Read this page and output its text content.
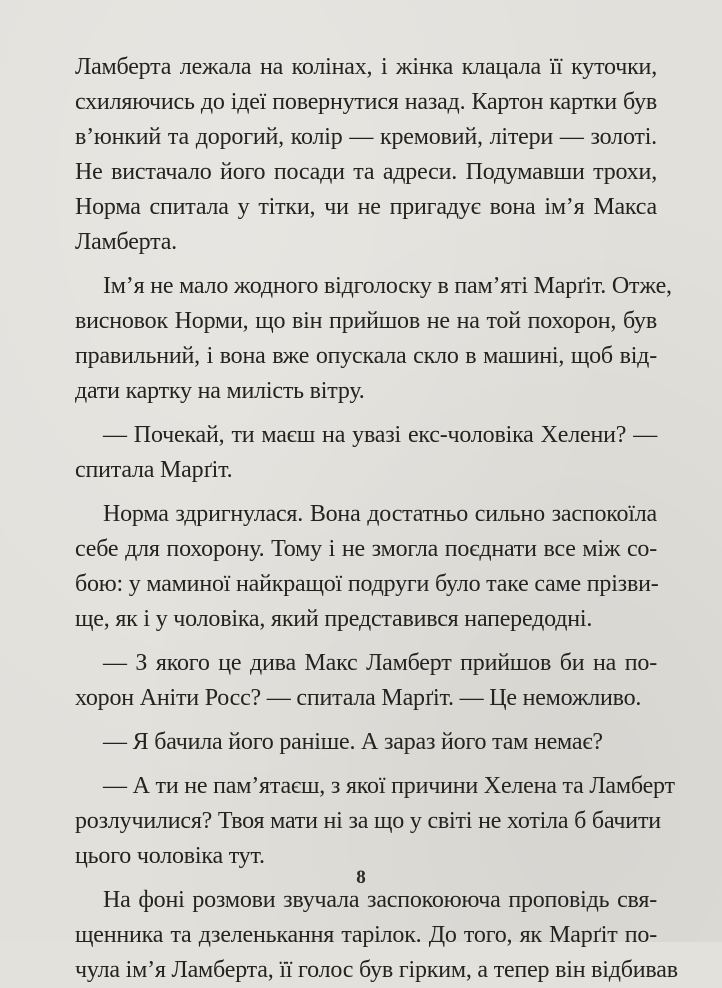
Ламберта лежала на колінах, і жінка клацала її куточки,
схиляючись до ідеї повернутися назад. Картон картки був
в’юнкий та дорогий, колір — кремовий, літери — золоті.
Не вистачало його посади та адреси. Подумавши трохи,
Норма спитала у тітки, чи не пригадує вона ім’я Макса
Ламберта.
Ім’я не мало жодного відголоску в пам’яті Марґіт. Отже,
висновок Норми, що він прийшов не на той похорон, був
правильний, і вона вже опускала скло в машині, щоб від-
дати картку на милість вітру.
— Почекай, ти маєш на увазі екс-чоловіка Хелени? —
спитала Марґіт.
Норма здригнулася. Вона достатньо сильно заспокоїла
себе для похорону. Тому і не змогла поєднати все між со-
бою: у маминої найкращої подруги було таке саме прізви-
ще, як і у чоловіка, який представився напередодні.
— З якого це дива Макс Ламберт прийшов би на по-
хорон Аніти Росс? — спитала Марґіт. — Це неможливо.
— Я бачила його раніше. А зараз його там немає?
— А ти не пам’ятаєш, з якої причини Хелена та Ламберт
розлучилися? Твоя мати ні за що у світі не хотіла б бачити
цього чоловіка тут.
На фоні розмови звучала заспокоююча проповідь свя-
щенника та дзеленькання тарілок. До того, як Марґіт по-
чула ім’я Ламберта, її голос був гірким, а тепер він відбивав
8
